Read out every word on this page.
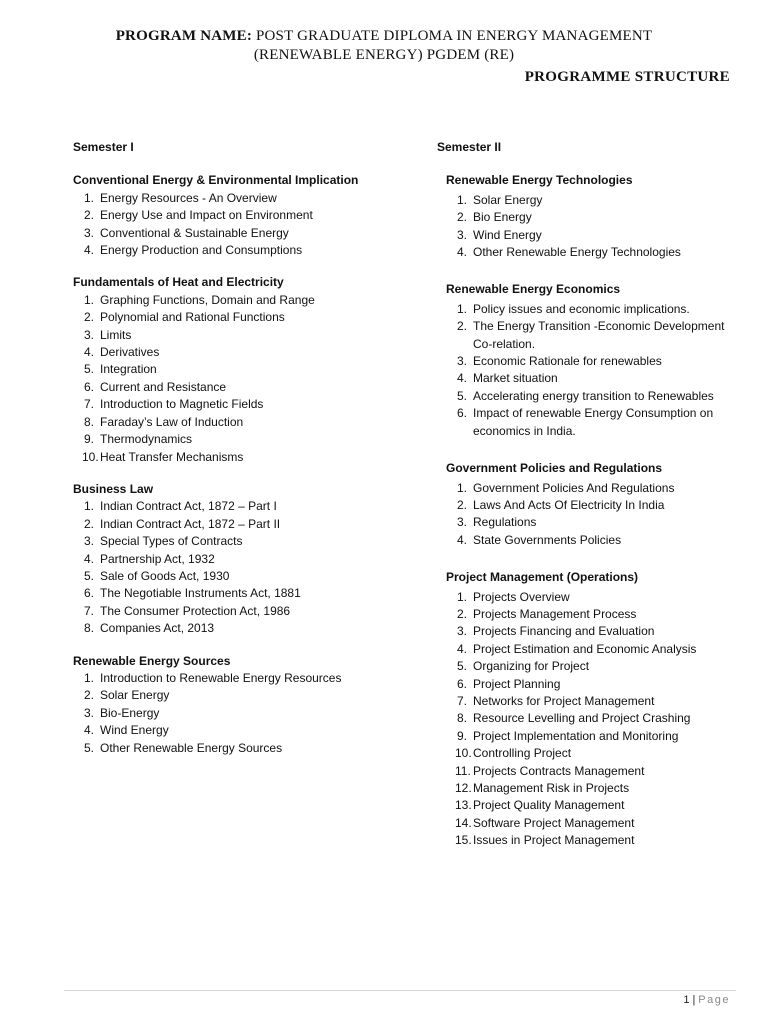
PROGRAM NAME: POST GRADUATE DIPLOMA IN ENERGY MANAGEMENT
(RENEWABLE ENERGY) PGDEM (RE)
PROGRAMME STRUCTURE
Semester I
Conventional Energy & Environmental Implication
1. Energy Resources - An Overview
2. Energy Use and Impact on Environment
3. Conventional & Sustainable Energy
4. Energy Production and Consumptions
Fundamentals of Heat and Electricity
1. Graphing Functions, Domain and Range
2. Polynomial and Rational Functions
3. Limits
4. Derivatives
5. Integration
6. Current and Resistance
7. Introduction to Magnetic Fields
8. Faraday’s Law of Induction
9. Thermodynamics
10. Heat Transfer Mechanisms
Business Law
1. Indian Contract Act, 1872 – Part I
2. Indian Contract Act, 1872 – Part II
3. Special Types of Contracts
4. Partnership Act, 1932
5. Sale of Goods Act, 1930
6. The Negotiable Instruments Act, 1881
7. The Consumer Protection Act, 1986
8. Companies Act, 2013
Renewable Energy Sources
1. Introduction to Renewable Energy Resources
2. Solar Energy
3. Bio-Energy
4. Wind Energy
5. Other Renewable Energy Sources
Semester II
Renewable Energy Technologies
1. Solar Energy
2. Bio Energy
3. Wind Energy
4. Other Renewable Energy Technologies
Renewable Energy Economics
1. Policy issues and economic implications.
2. The Energy Transition -Economic Development Co-relation.
3. Economic Rationale for renewables
4. Market situation
5. Accelerating energy transition to Renewables
6. Impact of renewable Energy Consumption on economics in India.
Government Policies and Regulations
1. Government Policies And Regulations
2. Laws And Acts Of Electricity In India
3. Regulations
4. State Governments Policies
Project Management (Operations)
1. Projects Overview
2. Projects Management Process
3. Projects Financing and Evaluation
4. Project Estimation and Economic Analysis
5. Organizing for Project
6. Project Planning
7. Networks for Project Management
8. Resource Levelling and Project Crashing
9. Project Implementation and Monitoring
10. Controlling Project
11. Projects Contracts Management
12. Management Risk in Projects
13. Project Quality Management
14. Software Project Management
15. Issues in Project Management
1 | Page
